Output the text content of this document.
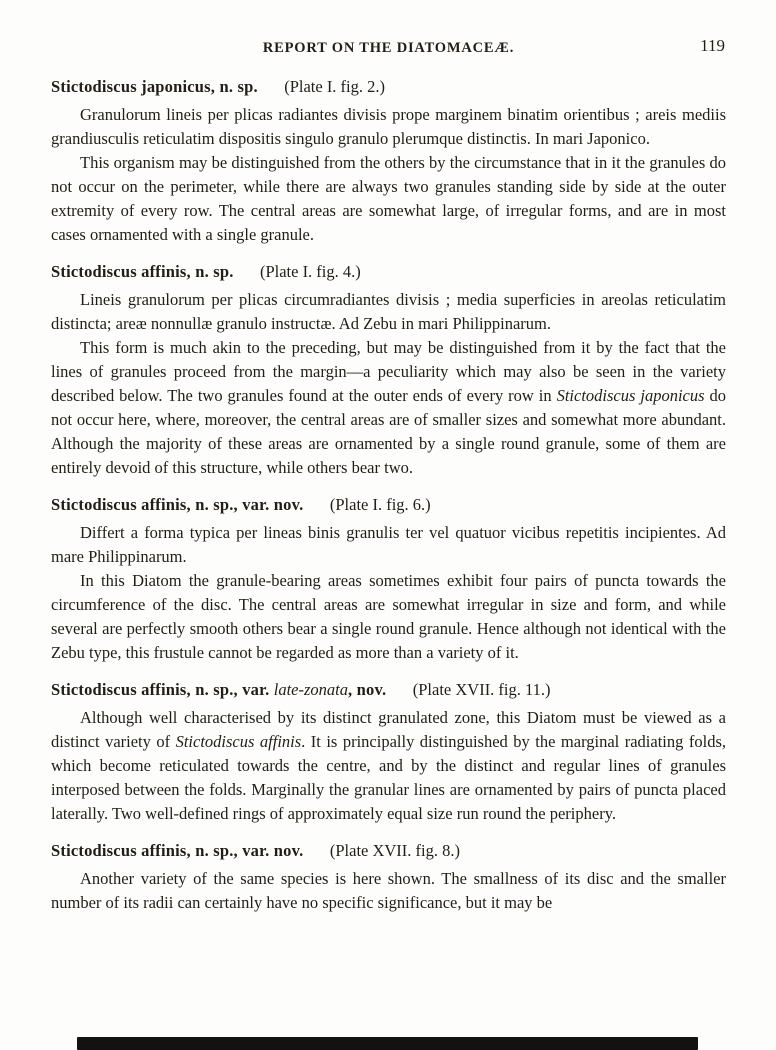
REPORT ON THE DIATOMACEÆ.	119
Stictodiscus japonicus, n. sp. (Plate I. fig. 2.)

Granulorum lineis per plicas radiantes divisis prope marginem binatim orientibus ; areis mediis grandiusculis reticulatim dispositis singulo granulo plerumque distinctis. In mari Japonico.

This organism may be distinguished from the others by the circumstance that in it the granules do not occur on the perimeter, while there are always two granules standing side by side at the outer extremity of every row. The central areas are somewhat large, of irregular forms, and are in most cases ornamented with a single granule.

Stictodiscus affinis, n. sp. (Plate I. fig. 4.)

Lineis granulorum per plicas circumradiantes divisis ; media superficies in areolas reticulatim distincta; areæ nonnullæ granulo instructæ. Ad Zebu in mari Philippinarum.

This form is much akin to the preceding, but may be distinguished from it by the fact that the lines of granules proceed from the margin—a peculiarity which may also be seen in the variety described below. The two granules found at the outer ends of every row in Stictodiscus japonicus do not occur here, where, moreover, the central areas are of smaller sizes and somewhat more abundant. Although the majority of these areas are ornamented by a single round granule, some of them are entirely devoid of this structure, while others bear two.

Stictodiscus affinis, n. sp., var. nov. (Plate I. fig. 6.)

Differt a forma typica per lineas binis granulis ter vel quatuor vicibus repetitis incipientes. Ad mare Philippinarum.

In this Diatom the granule-bearing areas sometimes exhibit four pairs of puncta towards the circumference of the disc. The central areas are somewhat irregular in size and form, and while several are perfectly smooth others bear a single round granule. Hence although not identical with the Zebu type, this frustule cannot be regarded as more than a variety of it.

Stictodiscus affinis, n. sp., var. late-zonata, nov. (Plate XVII. fig. 11.)

Although well characterised by its distinct granulated zone, this Diatom must be viewed as a distinct variety of Stictodiscus affinis. It is principally distinguished by the marginal radiating folds, which become reticulated towards the centre, and by the distinct and regular lines of granules interposed between the folds. Marginally the granular lines are ornamented by pairs of puncta placed laterally. Two well-defined rings of approximately equal size run round the periphery.

Stictodiscus affinis, n. sp., var. nov. (Plate XVII. fig. 8.)

Another variety of the same species is here shown. The smallness of its disc and the smaller number of its radii can certainly have no specific significance, but it may be
